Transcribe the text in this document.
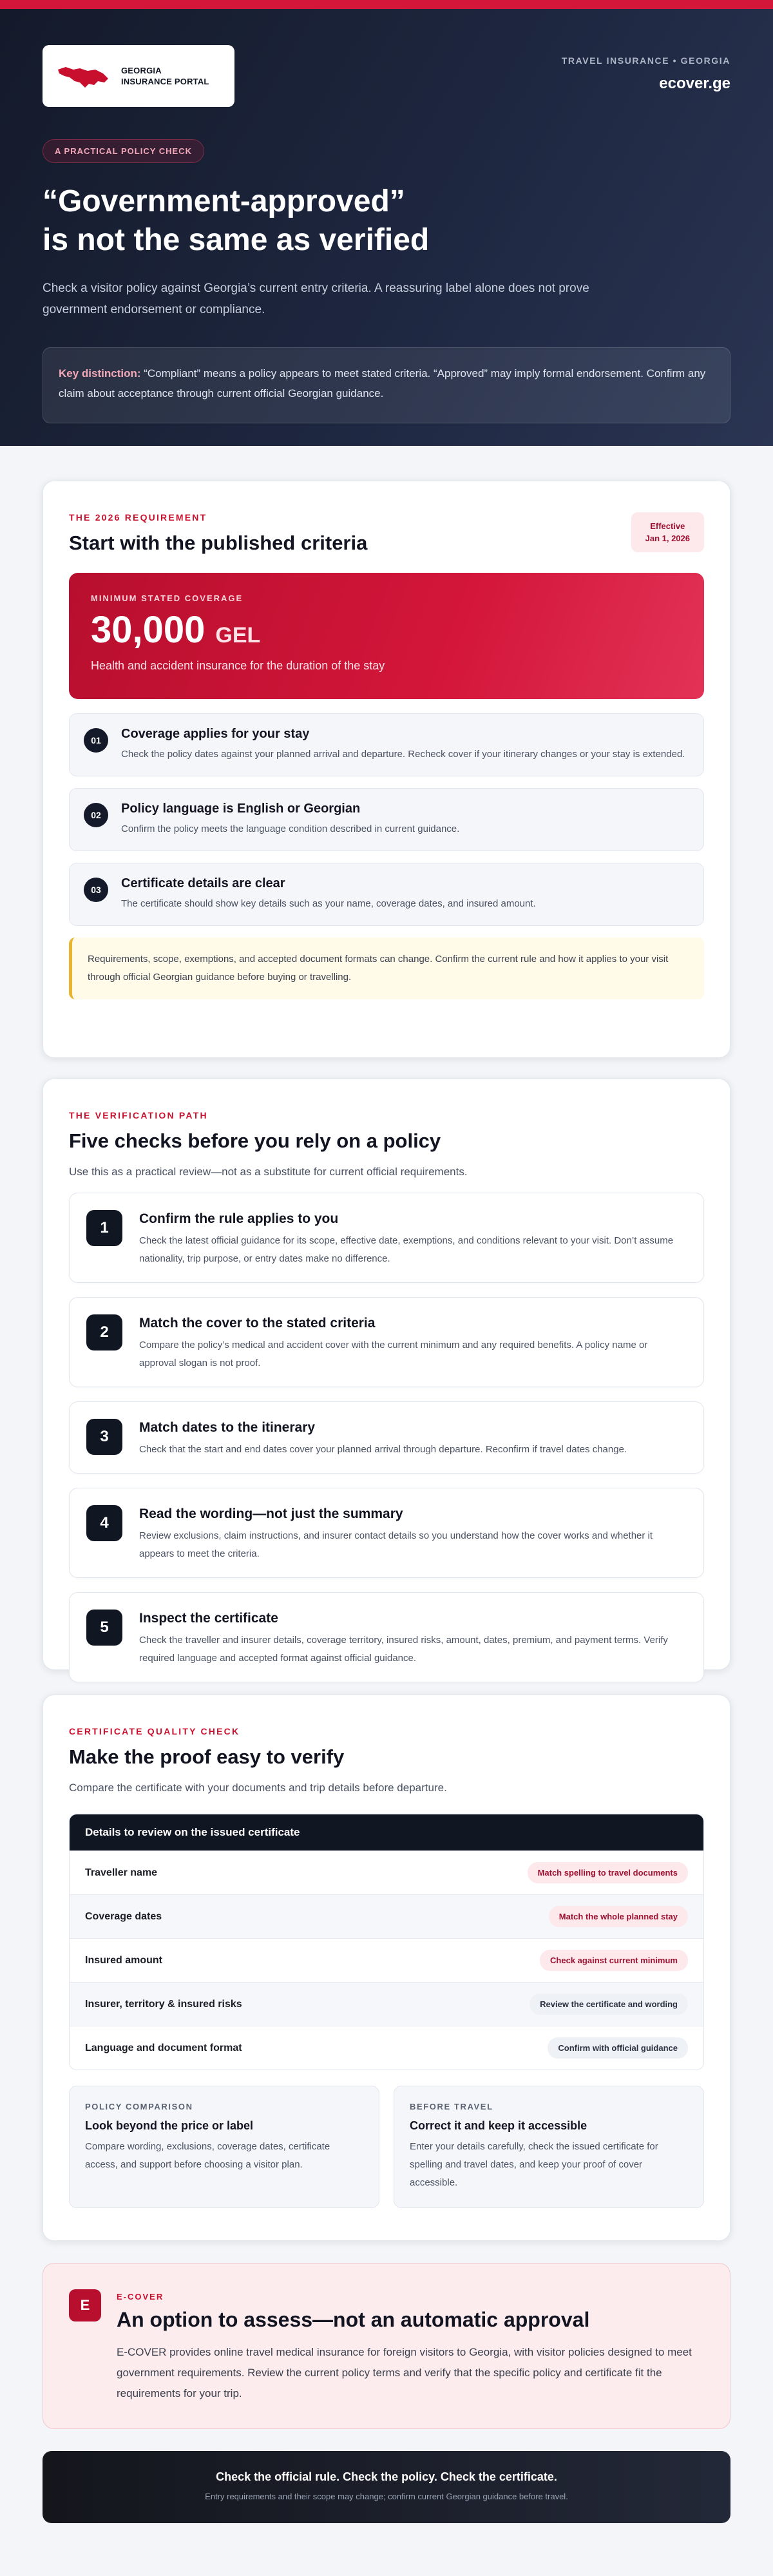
GEORGIA
INSURANCE PORTAL
TRAVEL INSURANCE • GEORGIA
ecover.ge
A PRACTICAL POLICY CHECK
“Government-approved”
is not the same as verified

Check a visitor policy against Georgia’s current entry criteria. A reassuring label alone does not prove government endorsement or compliance.

Key distinction: “Compliant” means a policy appears to meet stated criteria. “Approved” may imply formal endorsement. Confirm any claim about acceptance through current official Georgian guidance.
THE 2026 REQUIREMENT
Start with the published criteria
Effective
Jan 1, 2026
MINIMUM STATED COVERAGE
30,000 GEL
Health and accident insurance for the duration of the stay
01	Coverage applies for your stay
Check the policy dates against your planned arrival and departure. Recheck cover if your itinerary changes or your stay is extended.
02	Policy language is English or Georgian
Confirm the policy meets the language condition described in current guidance.
03	Certificate details are clear
The certificate should show key details such as your name, coverage dates, and insured amount.
Requirements, scope, exemptions, and accepted document formats can change. Confirm the current rule and how it applies to your visit through official Georgian guidance before buying or travelling.
THE VERIFICATION PATH
Five checks before you rely on a policy

Use this as a practical review—not as a substitute for current official requirements.

1
Confirm the rule applies to you
Check the latest official guidance for its scope, effective date, exemptions, and conditions relevant to your visit. Don’t assume nationality, trip purpose, or entry dates make no difference.
2
Match the cover to the stated criteria
Compare the policy’s medical and accident cover with the current minimum and any required benefits. A policy name or approval slogan is not proof.
3
Match dates to the itinerary
Check that the start and end dates cover your planned arrival through departure. Reconfirm if travel dates change.
4
Read the wording—not just the summary
Review exclusions, claim instructions, and insurer contact details so you understand how the cover works and whether it appears to meet the criteria.
5
Inspect the certificate
Check the traveller and insurer details, coverage territory, insured risks, amount, dates, premium, and payment terms. Verify required language and accepted format against official guidance.
CERTIFICATE QUALITY CHECK
Make the proof easy to verify

Compare the certificate with your documents and trip details before departure.

Details to review on the issued certificate
Traveller name	Match spelling to travel documents
Coverage dates	Match the whole planned stay
Insured amount	Check against current minimum
Insurer, territory & insured risks	Review the certificate and wording
Language and document format	Confirm with official guidance
POLICY COMPARISON
Look beyond the price or label
Compare wording, exclusions, coverage dates, certificate access, and support before choosing a visitor plan.
BEFORE TRAVEL
Correct it and keep it accessible
Enter your details carefully, check the issued certificate for spelling and travel dates, and keep your proof of cover accessible.
E
E-COVER
An option to assess—not an automatic approval

E-COVER provides online travel medical insurance for foreign visitors to Georgia, with visitor policies designed to meet government requirements. Review the current policy terms and verify that the specific policy and certificate fit the requirements for your trip.

Check the official rule. Check the policy. Check the certificate.
Entry requirements and their scope may change; confirm current Georgian guidance before travel.
